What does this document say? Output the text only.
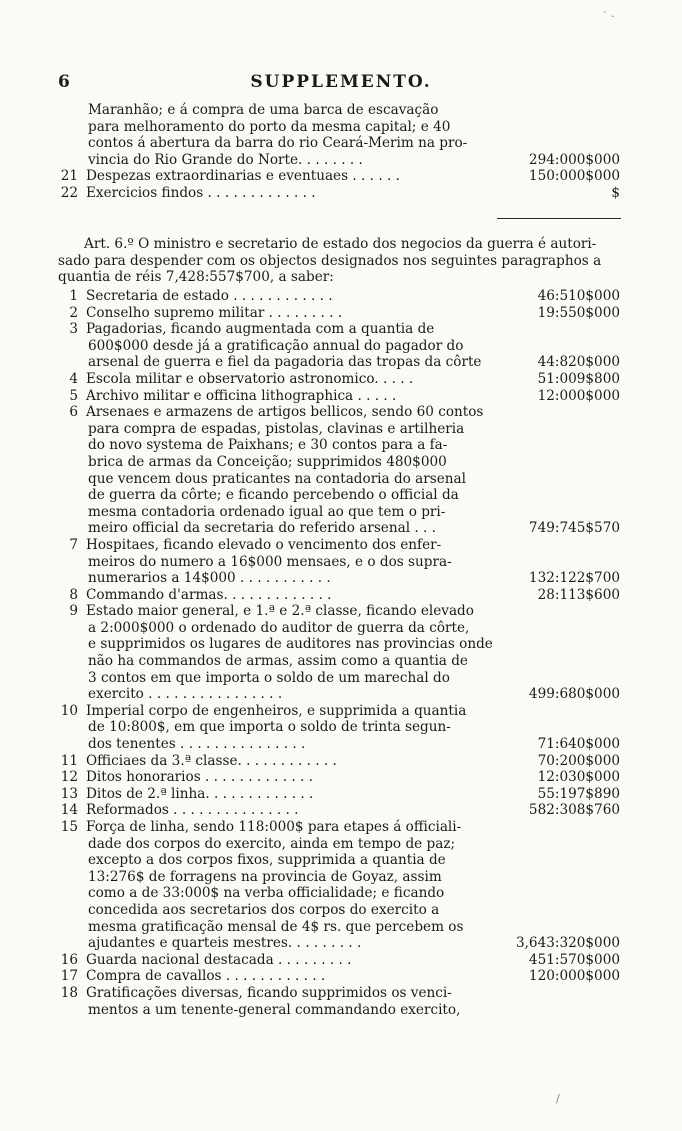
6	SUPPLEMENTO.
Maranhão; e á compra de uma barca de escavação
para melhoramento do porto da mesma capital; e 40
contos á abertura da barra do rio Ceará-Merim na pro-
vincia do Rio Grande do Norte. . . . . . . .	294:000$000
21 Despezas extraordinarias e eventuaes . . . . . .	150:000$000
22 Exercicios findos . . . . . . . . . . . . .	$
Art. 6.º O ministro e secretario de estado dos negocios da guerra é autori-
sado para despender com os objectos designados nos seguintes paragraphos a
quantia de réis 7,428:557$700, a saber:
1 Secretaria de estado . . . . . . . . . . . .	46:510$000
2 Conselho supremo militar . . . . . . . . .	19:550$000
3 Pagadorias, ficando augmentada com a quantia de
600$000 desde já a gratificação annual do pagador do
arsenal de guerra e fiel da pagadoria das tropas da côrte	44:820$000
4 Escola militar e observatorio astronomico. . . . .	51:009$800
5 Archivo militar e officina lithographica . . . . .	12:000$000
6 Arsenaes e armazens de artigos bellicos, sendo 60 contos
para compra de espadas, pistolas, clavinas e artilheria
do novo systema de Paixhans; e 30 contos para a fa-
brica de armas da Conceição; supprimidos 480$000
que vencem dous praticantes na contadoria do arsenal
de guerra da côrte; e ficando percebendo o official da
mesma contadoria ordenado igual ao que tem o pri-
meiro official da secretaria do referido arsenal . . .	749:745$570
7 Hospitaes, ficando elevado o vencimento dos enfer-
meiros do numero a 16$000 mensaes, e o dos supra-
numerarios a 14$000 . . . . . . . . . . .	132:122$700
8 Commando d'armas. . . . . . . . . . . . .	28:113$600
9 Estado maior general, e 1.ª e 2.ª classe, ficando elevado
a 2:000$000 o ordenado do auditor de guerra da côrte,
e supprimidos os lugares de auditores nas provincias onde
não ha commandos de armas, assim como a quantia de
3 contos em que importa o soldo de um marechal do
exercito . . . . . . . . . . . . . . . .	499:680$000
10 Imperial corpo de engenheiros, e supprimida a quantia
de 10:800$, em que importa o soldo de trinta segun-
dos tenentes . . . . . . . . . . . . . . .	71:640$000
11 Officiaes da 3.ª classe. . . . . . . . . . . .	70:200$000
12 Ditos honorarios . . . . . . . . . . . . .	12:030$000
13 Ditos de 2.ª linha. . . . . . . . . . . . .	55:197$890
14 Reformados . . . . . . . . . . . . . . .	582:308$760
15 Força de linha, sendo 118:000$ para etapes á officiali-
dade dos corpos do exercito, ainda em tempo de paz;
excepto a dos corpos fixos, supprimida a quantia de
13:276$ de forragens na provincia de Goyaz, assim
como a de 33:000$ na verba officialidade; e ficando
concedida aos secretarios dos corpos do exercito a
mesma gratificação mensal de 4$ rs. que percebem os
ajudantes e quarteis mestres. . . . . . . . .	3,643:320$000
16 Guarda nacional destacada . . . . . . . . .	451:570$000
17 Compra de cavallos . . . . . . . . . . . .	120:000$000
18 Gratificações diversas, ficando supprimidos os venci-
mentos a um tenente-general commandando exercito,
˙ ·
/
